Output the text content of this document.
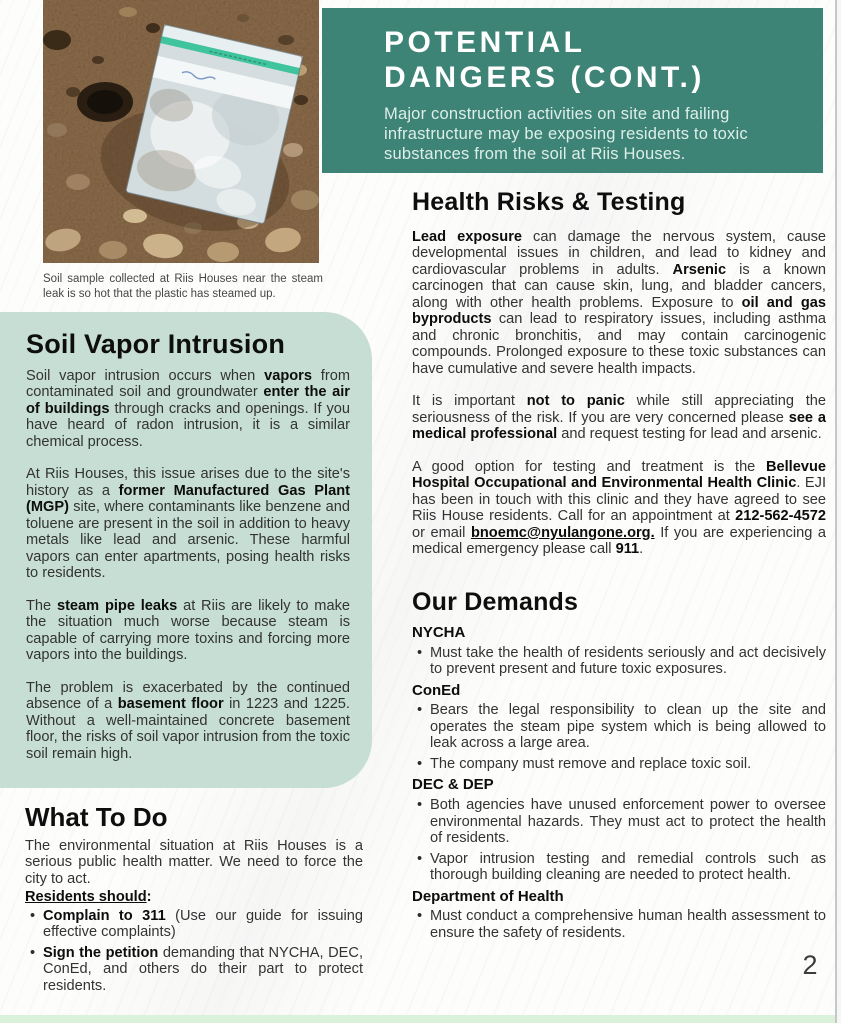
Soil sample collected at Riis Houses near the steam leak is so hot that the plastic has steamed up.
POTENTIAL
DANGERS (CONT.)
Major construction activities on site and failing infrastructure may be exposing residents to toxic substances from the soil at Riis Houses.
Soil Vapor Intrusion

Soil vapor intrusion occurs when vapors from contaminated soil and groundwater enter the air of buildings through cracks and openings. If you have heard of radon intrusion, it is a similar chemical process.

At Riis Houses, this issue arises due to the site's history as a former Manufactured Gas Plant (MGP) site, where contaminants like benzene and toluene are present in the soil in addition to heavy metals like lead and arsenic. These harmful vapors can enter apartments, posing health risks to residents.

The steam pipe leaks at Riis are likely to make the situation much worse because steam is capable of carrying more toxins and forcing more vapors into the buildings.

The problem is exacerbated by the continued absence of a basement floor in 1223 and 1225. Without a well-maintained concrete basement floor, the risks of soil vapor intrusion from the toxic soil remain high.

What To Do

The environmental situation at Riis Houses is a serious public health matter. We need to force the city to act.

Residents should:

• Complain to 311 (Use our guide for issuing effective complaints)
• Sign the petition demanding that NYCHA, DEC, ConEd, and others do their part to protect residents.
Health Risks & Testing

Lead exposure can damage the nervous system, cause developmental issues in children, and lead to kidney and cardiovascular problems in adults. Arsenic is a known carcinogen that can cause skin, lung, and bladder cancers, along with other health problems. Exposure to oil and gas byproducts can lead to respiratory issues, including asthma and chronic bronchitis, and may contain carcinogenic compounds. Prolonged exposure to these toxic substances can have cumulative and severe health impacts.

It is important not to panic while still appreciating the seriousness of the risk. If you are very concerned please see a medical professional and request testing for lead and arsenic.

A good option for testing and treatment is the Bellevue Hospital Occupational and Environmental Health Clinic. EJI has been in touch with this clinic and they have agreed to see Riis House residents. Call for an appointment at 212-562-4572 or email bnoemc@nyulangone.org. If you are experiencing a medical emergency please call 911.

Our Demands
NYCHA
• Must take the health of residents seriously and act decisively to prevent present and future toxic exposures.
ConEd
• Bears the legal responsibility to clean up the site and operates the steam pipe system which is being allowed to leak across a large area.
• The company must remove and replace toxic soil.
DEC & DEP
• Both agencies have unused enforcement power to oversee environmental hazards. They must act to protect the health of residents.
• Vapor intrusion testing and remedial controls such as thorough building cleaning are needed to protect health.
Department of Health
• Must conduct a comprehensive human health assessment to ensure the safety of residents.
2
